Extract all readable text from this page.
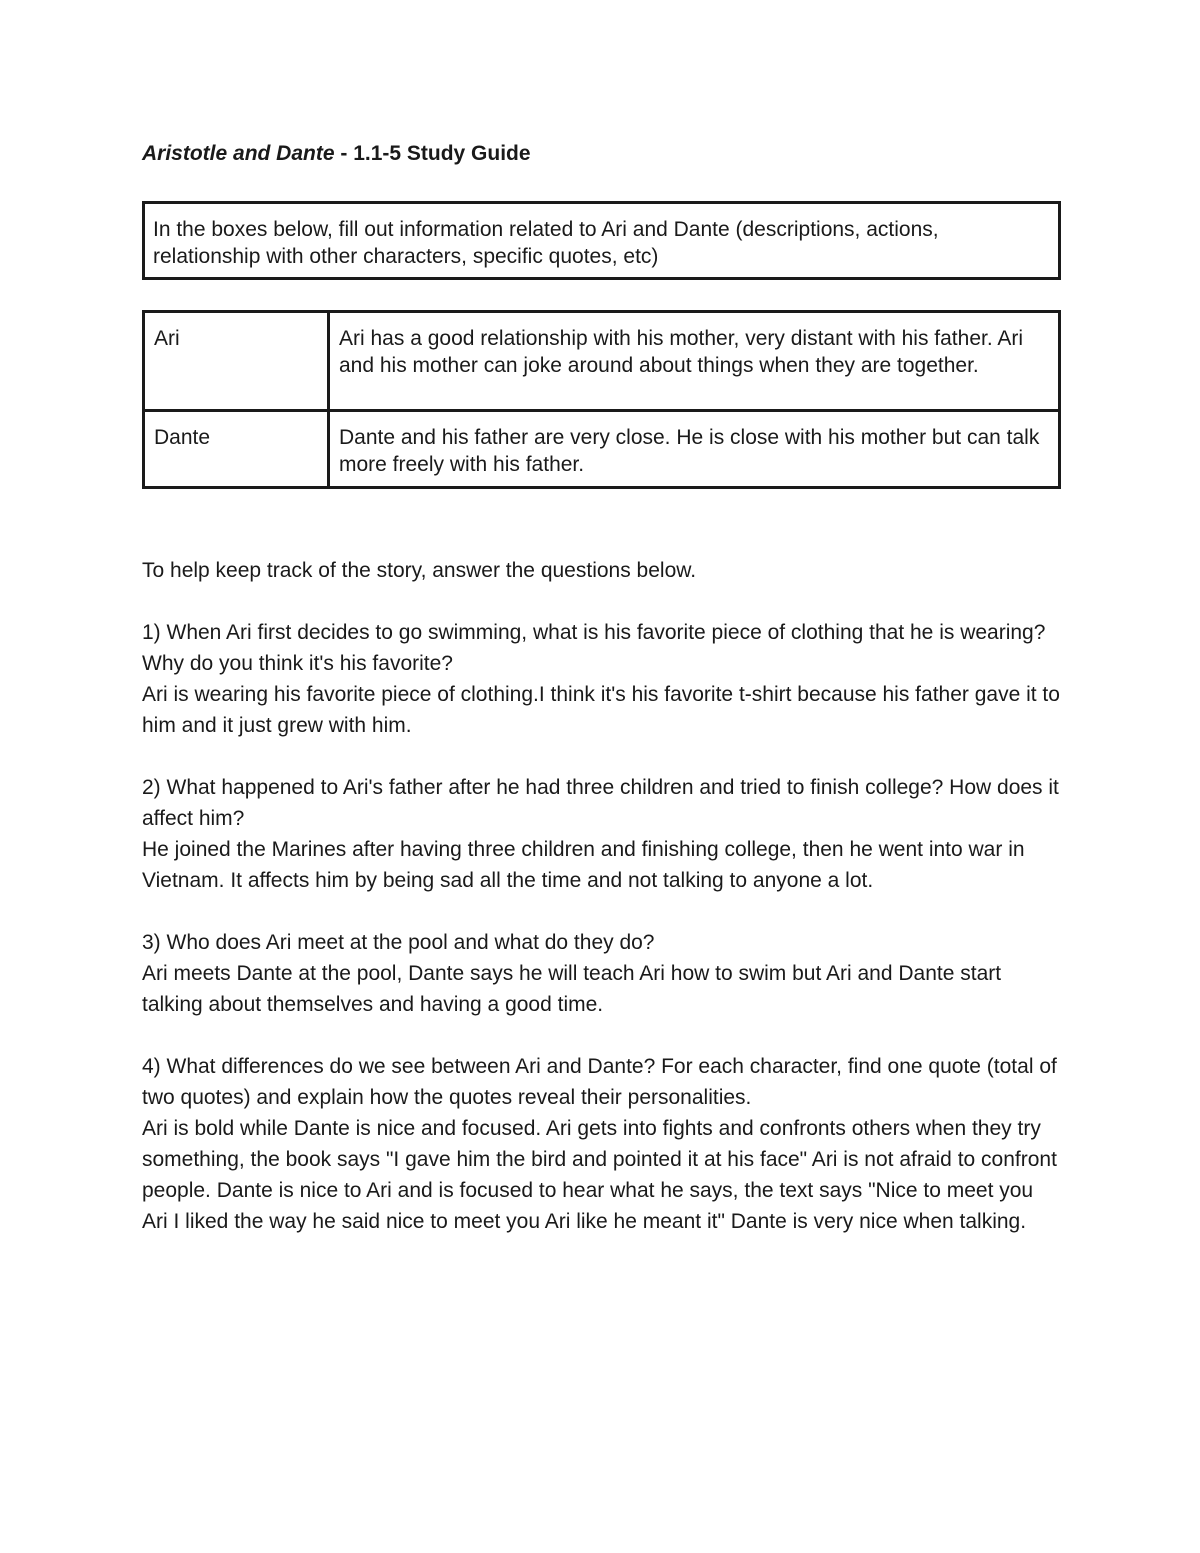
Aristotle and Dante - 1.1-5 Study Guide
In the boxes below, fill out information related to Ari and Dante (descriptions, actions, relationship with other characters, specific quotes, etc)
Ari	Ari has a good relationship with his mother, very distant with his father. Ari and his mother can joke around about things when they are together.
Dante	Dante and his father are very close. He is close with his mother but can talk more freely with his father.

To help keep track of the story, answer the questions below.

1) When Ari first decides to go swimming, what is his favorite piece of clothing that he is wearing? Why do you think it's his favorite?

Ari is wearing his favorite piece of clothing.I think it's his favorite t-shirt because his father gave it to him and it just grew with him.

2) What happened to Ari's father after he had three children and tried to finish college? How does it affect him?

He joined the Marines after having three children and finishing college, then he went into war in Vietnam. It affects him by being sad all the time and not talking to anyone a lot.

3) Who does Ari meet at the pool and what do they do?

Ari meets Dante at the pool, Dante says he will teach Ari how to swim but Ari and Dante start talking about themselves and having a good time.

4) What differences do we see between Ari and Dante? For each character, find one quote (total of two quotes) and explain how the quotes reveal their personalities.

Ari is bold while Dante is nice and focused. Ari gets into fights and confronts others when they try something, the book says "I gave him the bird and pointed it at his face" Ari is not afraid to confront people. Dante is nice to Ari and is focused to hear what he says, the text says "Nice to meet you Ari I liked the way he said nice to meet you Ari like he meant it" Dante is very nice when talking.
